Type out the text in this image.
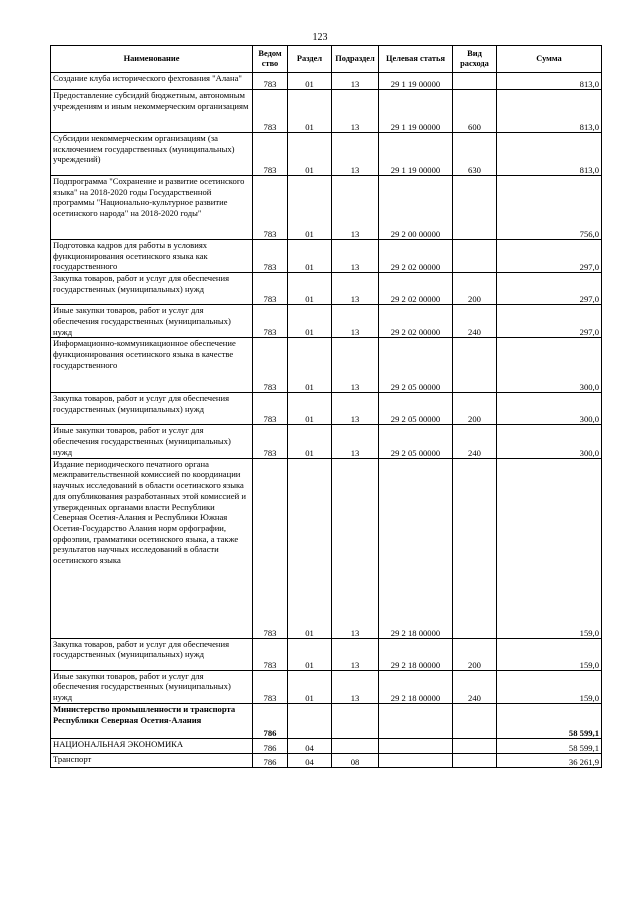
123
Наименование	Ведом ство	Раздел	Подраздел	Целевая статья	Вид расхода	Сумма
Создание клуба исторического фехтования "Алана"	783	01	13	29 1 19 00000		813,0
Предоставление субсидий бюджетным, автономным учреждениям и иным некоммерческим организациям	783	01	13	29 1 19 00000	600	813,0
Субсидии некоммерческим организациям (за исключением государственных (муниципальных) учреждений)	783	01	13	29 1 19 00000	630	813,0
Подпрограмма "Сохранение и развитие осетинского языка" на 2018-2020 годы Государственной программы "Национально-культурное развитие осетинского народа" на 2018-2020 годы"	783	01	13	29 2 00 00000		756,0
Подготовка кадров для работы в условиях функционирования осетинского языка как государственного	783	01	13	29 2 02 00000		297,0
Закупка товаров, работ и услуг для обеспечения государственных (муниципальных) нужд	783	01	13	29 2 02 00000	200	297,0
Иные закупки товаров, работ и услуг для обеспечения государственных (муниципальных) нужд	783	01	13	29 2 02 00000	240	297,0
Информационно-коммуникационное обеспечение функционирования осетинского языка в качестве государственного	783	01	13	29 2 05 00000		300,0
Закупка товаров, работ и услуг для обеспечения государственных (муниципальных) нужд	783	01	13	29 2 05 00000	200	300,0
Иные закупки товаров, работ и услуг для обеспечения государственных (муниципальных) нужд	783	01	13	29 2 05 00000	240	300,0
Издание периодического печатного органа межправительственной комиссией по координации научных исследований в области осетинского языка для опубликования разработанных этой комиссией и утвержденных органами власти Республики Северная Осетия-Алания и Республики Южная Осетия-Государство Алания норм орфографии, орфоэпии, грамматики осетинского языка, а также результатов научных исследований в области осетинского языка	783	01	13	29 2 18 00000		159,0
Закупка товаров, работ и услуг для обеспечения государственных (муниципальных) нужд	783	01	13	29 2 18 00000	200	159,0
Иные закупки товаров, работ и услуг для обеспечения государственных (муниципальных) нужд	783	01	13	29 2 18 00000	240	159,0
Министерство промышленности и транспорта Республики Северная Осетия-Алания	786					58 599,1
НАЦИОНАЛЬНАЯ ЭКОНОМИКА	786	04				58 599,1
Транспорт	786	04	08			36 261,9
